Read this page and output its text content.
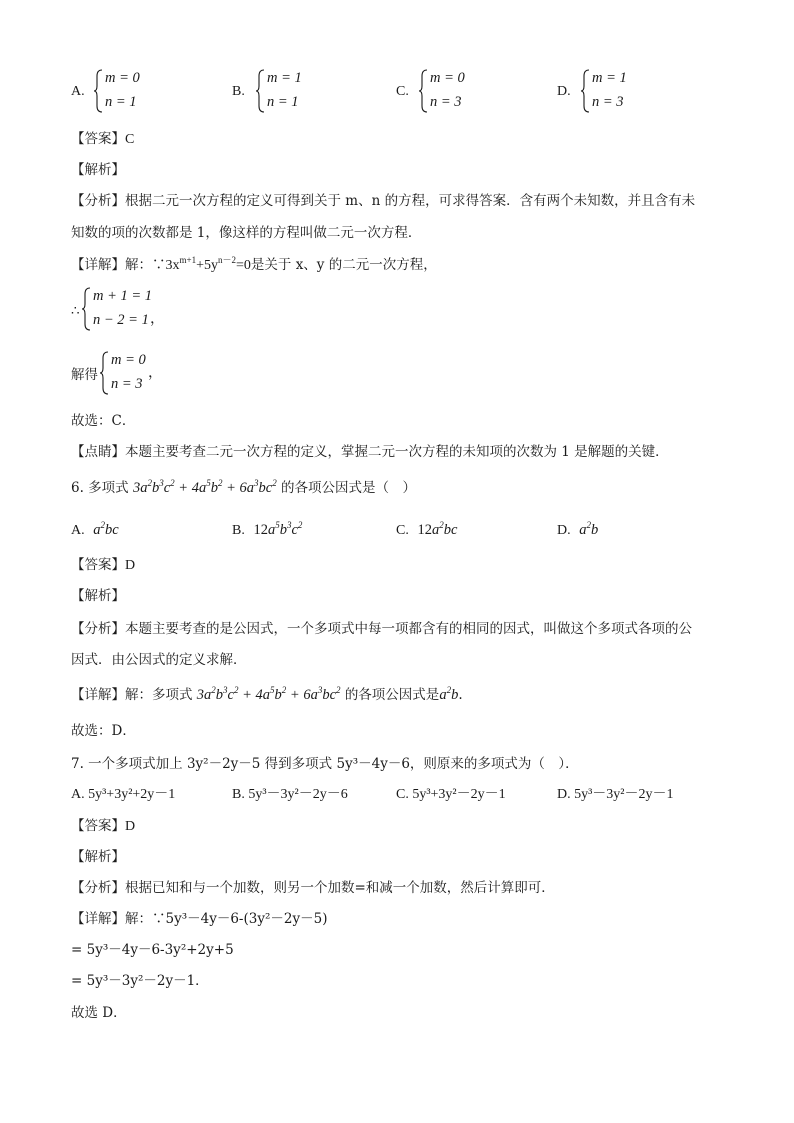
A.
m = 0
n = 1
B.
m = 1
n = 1
C.
m = 0
n = 3
D.
m = 1
n = 3
【答案】C
【解析】
【分析】根据二元一次方程的定义可得到关于 m、n 的方程，可求得答案．含有两个未知数，并且含有未
知数的项的次数都是 1，像这样的方程叫做二元一次方程．
【详解】解：$\because 3x^{m+1}+5y^{n-2}=0$是关于 x、y 的二元一次方程，
∴
m + 1 = 1
n − 2 = 1 ，
解得
m = 0
n = 3
，
故选：C．
【点睛】本题主要考查二元一次方程的定义，掌握二元一次方程的未知项的次数为 1 是解题的关键．
6. 多项式 $3a^2b^3c^2 + 4a^5b^2 + 6a^3bc^2$ 的各项公因式是（　）
A. $a^2bc$	B. $12a^5b^3c^2$	C. $12a^2bc$	D. $a^2b$
【答案】D
【解析】
【分析】本题主要考查的是公因式，一个多项式中每一项都含有的相同的因式，叫做这个多项式各项的公
因式．由公因式的定义求解．
【详解】解：多项式 $3a^2b^3c^2 + 4a^5b^2 + 6a^3bc^2$ 的各项公因式是$a^2b$.
故选：D．
7. 一个多项式加上 3y²－2y－5 得到多项式 5y³－4y－6，则原来的多项式为（　）．
A. 5y³+3y²+2y－1	B. 5y³－3y²－2y－6	C. 5y³+3y²－2y－1	D. 5y³－3y²－2y－1
【答案】D
【解析】
【分析】根据已知和与一个加数，则另一个加数=和减一个加数，然后计算即可．
【详解】解：∵5y³－4y－6-(3y²－2y－5)
= 5y³－4y－6-3y²+2y+5
= 5y³－3y²－2y－1．
故选 D．
